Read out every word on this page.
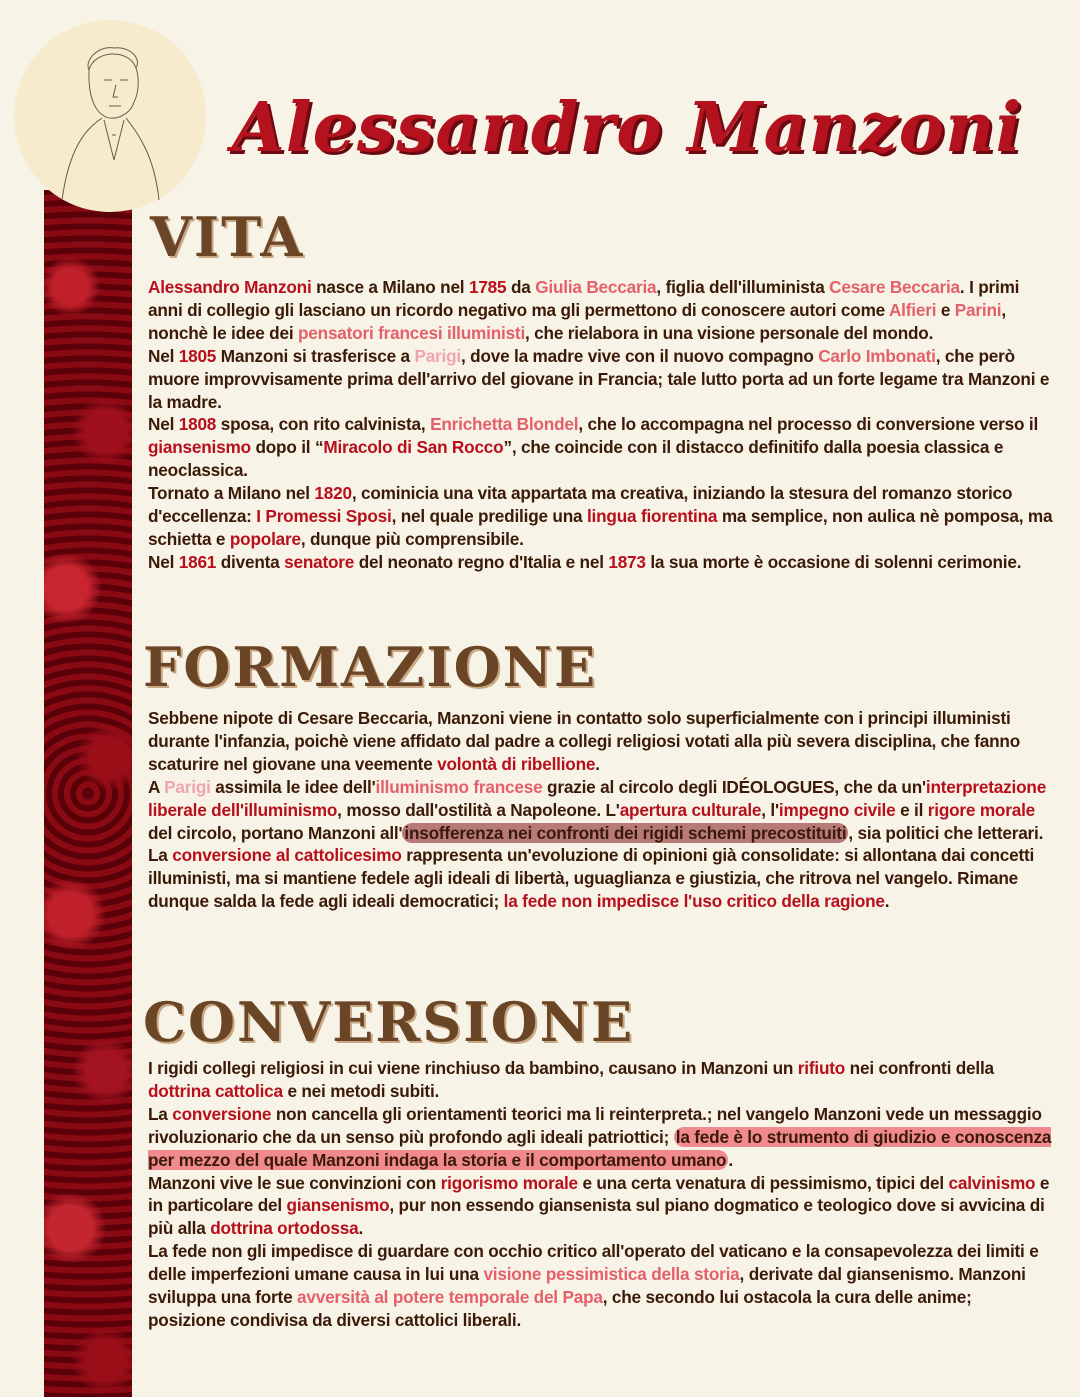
Alessandro Manzoni
VITA

Alessandro Manzoni nasce a Milano nel 1785 da Giulia Beccaria, figlia dell'illuminista Cesare Beccaria. I primi anni di collegio gli lasciano un ricordo negativo ma gli permettono di conoscere autori come Alfieri e Parini, nonchè le idee dei pensatori francesi illuministi, che rielabora in una visione personale del mondo.

Nel 1805 Manzoni si trasferisce a Parigi, dove la madre vive con il nuovo compagno Carlo Imbonati, che però muore improvvisamente prima dell'arrivo del giovane in Francia; tale lutto porta ad un forte legame tra Manzoni e la madre.

Nel 1808 sposa, con rito calvinista, Enrichetta Blondel, che lo accompagna nel processo di conversione verso il giansenismo dopo il “Miracolo di San Rocco”, che coincide con il distacco definitifo dalla poesia classica e neoclassica.

Tornato a Milano nel 1820, cominicia una vita appartata ma creativa, iniziando la stesura del romanzo storico d'eccellenza: I Promessi Sposi, nel quale predilige una lingua fiorentina ma semplice, non aulica nè pomposa, ma schietta e popolare, dunque più comprensibile.

Nel 1861 diventa senatore del neonato regno d'Italia e nel 1873 la sua morte è occasione di solenni cerimonie.

FORMAZIONE

Sebbene nipote di Cesare Beccaria, Manzoni viene in contatto solo superficialmente con i principi illuministi durante l'infanzia, poichè viene affidato dal padre a collegi religiosi votati alla più severa disciplina, che fanno scaturire nel giovane una veemente volontà di ribellione.

A Parigi assimila le idee dell'illuminismo francese grazie al circolo degli IDÉOLOGUES, che da un'interpretazione liberale dell'illuminismo, mosso dall'ostilità a Napoleone. L'apertura culturale, l'impegno civile e il rigore morale del circolo, portano Manzoni all' insofferenza nei confronti dei rigidi schemi precostituiti , sia politici che letterari.

La conversione al cattolicesimo rappresenta un'evoluzione di opinioni già consolidate: si allontana dai concetti illuministi, ma si mantiene fedele agli ideali di libertà, uguaglianza e giustizia, che ritrova nel vangelo. Rimane dunque salda la fede agli ideali democratici; la fede non impedisce l'uso critico della ragione.

CONVERSIONE

I rigidi collegi religiosi in cui viene rinchiuso da bambino, causano in Manzoni un rifiuto nei confronti della dottrina cattolica e nei metodi subiti.

La conversione non cancella gli orientamenti teorici ma li reinterpreta.; nel vangelo Manzoni vede un messaggio rivoluzionario che da un senso più profondo agli ideali patriottici; la fede è lo strumento di giudizio e conoscenza per mezzo del quale Manzoni indaga la storia e il comportamento umano .

Manzoni vive le sue convinzioni con rigorismo morale e una certa venatura di pessimismo, tipici del calvinismo e in particolare del giansenismo, pur non essendo giansenista sul piano dogmatico e teologico dove si avvicina di più alla dottrina ortodossa.

La fede non gli impedisce di guardare con occhio critico all'operato del vaticano e la consapevolezza dei limiti e delle imperfezioni umane causa in lui una visione pessimistica della storia, derivate dal giansenismo. Manzoni sviluppa una forte avversità al potere temporale del Papa, che secondo lui ostacola la cura delle anime; posizione condivisa da diversi cattolici liberali.
